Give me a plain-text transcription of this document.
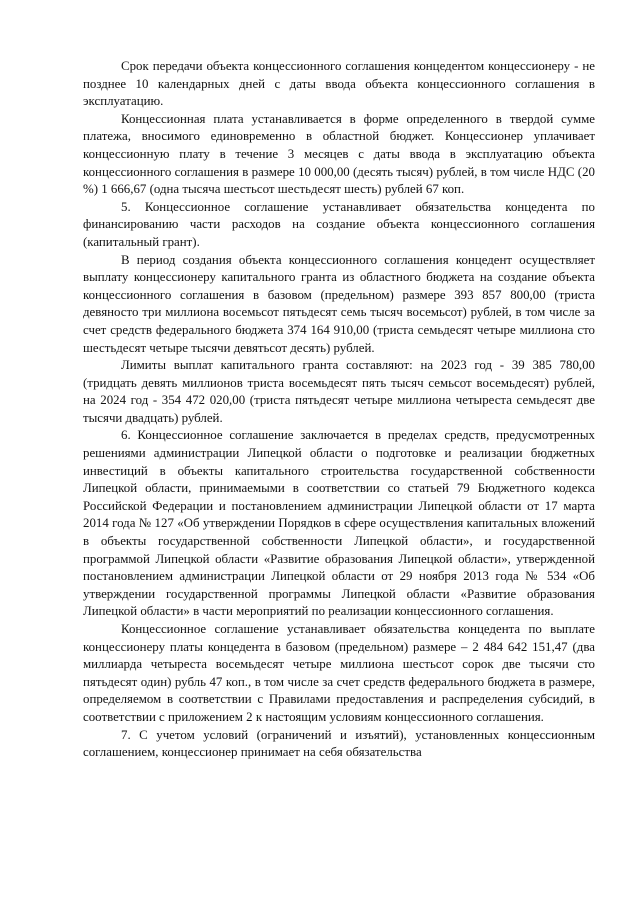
Срок передачи объекта концессионного соглашения концедентом концессионеру - не позднее 10 календарных дней с даты ввода объекта концессионного соглашения в эксплуатацию.

Концессионная плата устанавливается в форме определенного в твердой сумме платежа, вносимого единовременно в областной бюджет. Концессионер уплачивает концессионную плату в течение 3 месяцев с даты ввода в эксплуатацию объекта концессионного соглашения в размере 10 000,00 (десять тысяч) рублей, в том числе НДС (20 %) 1 666,67 (одна тысяча шестьсот шестьдесят шесть) рублей 67 коп.

5. Концессионное соглашение устанавливает обязательства концедента по финансированию части расходов на создание объекта концессионного соглашения (капитальный грант).

В период создания объекта концессионного соглашения концедент осуществляет выплату концессионеру капитального гранта из областного бюджета на создание объекта концессионного соглашения в базовом (предельном) размере 393 857 800,00 (триста девяносто три миллиона восемьсот пятьдесят семь тысяч восемьсот) рублей, в том числе за счет средств федерального бюджета 374 164 910,00 (триста семьдесят четыре миллиона сто шестьдесят четыре тысячи девятьсот десять) рублей.

Лимиты выплат капитального гранта составляют: на 2023 год - 39 385 780,00 (тридцать девять миллионов триста восемьдесят пять тысяч семьсот восемьдесят) рублей, на 2024 год - 354 472 020,00 (триста пятьдесят четыре миллиона четыреста семьдесят две тысячи двадцать) рублей.

6. Концессионное соглашение заключается в пределах средств, предусмотренных решениями администрации Липецкой области о подготовке и реализации бюджетных инвестиций в объекты капитального строительства государственной собственности Липецкой области, принимаемыми в соответствии со статьей 79 Бюджетного кодекса Российской Федерации и постановлением администрации Липецкой области от 17 марта 2014 года № 127 «Об утверждении Порядков в сфере осуществления капитальных вложений в объекты государственной собственности Липецкой области», и государственной программой Липецкой области «Развитие образования Липецкой области», утвержденной постановлением администрации Липецкой области от 29 ноября 2013 года № 534 «Об утверждении государственной программы Липецкой области «Развитие образования Липецкой области» в части мероприятий по реализации концессионного соглашения.

Концессионное соглашение устанавливает обязательства концедента по выплате концессионеру платы концедента в базовом (предельном) размере – 2 484 642 151,47 (два миллиарда четыреста восемьдесят четыре миллиона шестьсот сорок две тысячи сто пятьдесят один) рубль 47 коп., в том числе за счет средств федерального бюджета в размере, определяемом в соответствии с Правилами предоставления и распределения субсидий, в соответствии с приложением 2 к настоящим условиям концессионного соглашения.

7. С учетом условий (ограничений и изъятий), установленных концессионным соглашением, концессионер принимает на себя обязательства
